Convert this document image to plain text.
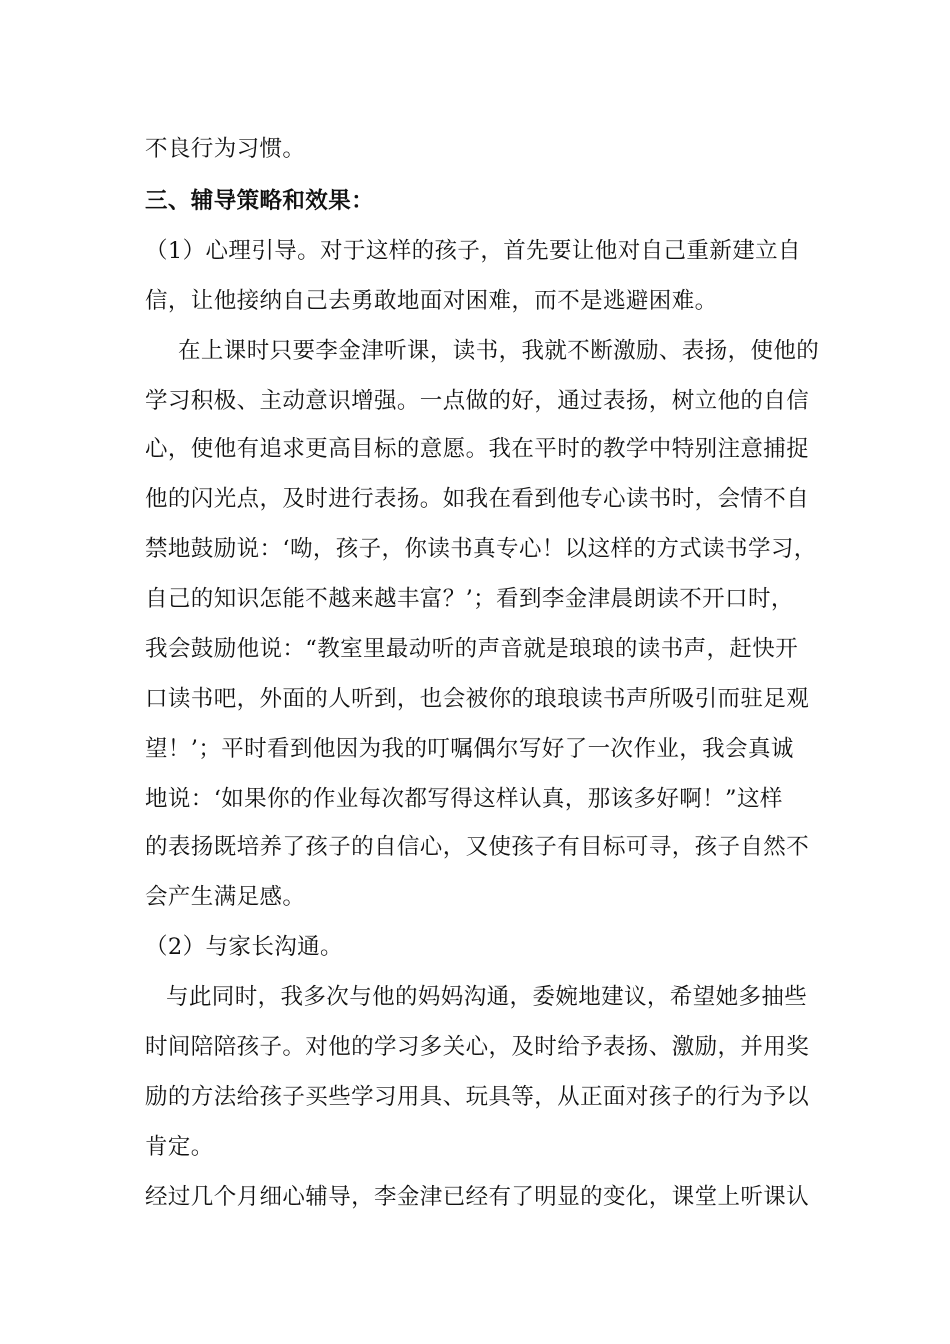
不良行为习惯。
三、辅导策略和效果：
（1）心理引导。对于这样的孩子，首先要让他对自己重新建立自
信，让他接纳自己去勇敢地面对困难，而不是逃避困难。
在上课时只要李金津听课，读书，我就不断激励、表扬，使他的
学习积极、主动意识增强。一点做的好，通过表扬，树立他的自信
心，使他有追求更高目标的意愿。我在平时的教学中特别注意捕捉
他的闪光点，及时进行表扬。如我在看到他专心读书时，会情不自
禁地鼓励说：‘呦，孩子，你读书真专心！以这样的方式读书学习，
自己的知识怎能不越来越丰富？’；看到李金津晨朗读不开口时，
我会鼓励他说：“教室里最动听的声音就是琅琅的读书声，赶快开
口读书吧，外面的人听到，也会被你的琅琅读书声所吸引而驻足观
望！’；平时看到他因为我的叮嘱偶尔写好了一次作业，我会真诚
地说：‘如果你的作业每次都写得这样认真，那该多好啊！”这样
的表扬既培养了孩子的自信心，又使孩子有目标可寻，孩子自然不
会产生满足感。
（2）与家长沟通。
与此同时，我多次与他的妈妈沟通，委婉地建议，希望她多抽些
时间陪陪孩子。对他的学习多关心，及时给予表扬、激励，并用奖
励的方法给孩子买些学习用具、玩具等，从正面对孩子的行为予以
肯定。
经过几个月细心辅导，李金津已经有了明显的变化，课堂上听课认
